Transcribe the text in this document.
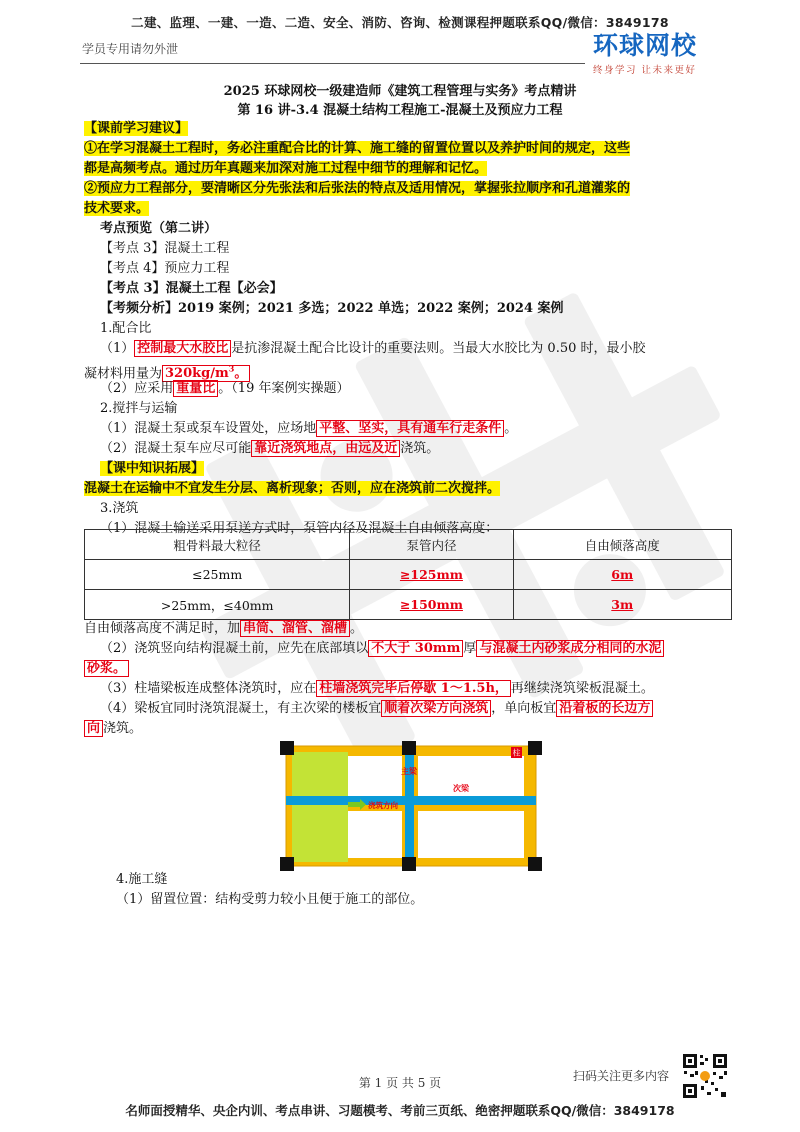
二建、监理、一建、一造、二造、安全、消防、咨询、检测课程押题联系QQ/微信：3849178
学员专用请勿外泄	环球网校
终身学习 让未来更好
2025 环球网校一级建造师《建筑工程管理与实务》考点精讲
第 16 讲-3.4 混凝土结构工程施工-混凝土及预应力工程
【课前学习建议】
①在学习混凝土工程时，务必注重配合比的计算、施工缝的留置位置以及养护时间的规定，这些
都是高频考点。通过历年真题来加深对施工过程中细节的理解和记忆。
②预应力工程部分，要清晰区分先张法和后张法的特点及适用情况，掌握张拉顺序和孔道灌浆的
技术要求。
考点预览（第二讲）
【考点 3】混凝土工程
【考点 4】预应力工程
【考点 3】混凝土工程【必会】
【考频分析】2019 案例；2021 多选；2022 单选；2022 案例；2024 案例
1.配合比
（1） 控制最大水胶比 是抗渗混凝土配合比设计的重要法则。当最大水胶比为 0.50 时，最小胶
凝材料用量为 $320kg/m^3$。
（2）应采用 重量比 。（19 年案例实操题）
2.搅拌与运输
（1）混凝土泵或泵车设置处，应场地 平整、坚实，具有通车行走条件 。
（2）混凝土泵车应尽可能 靠近浇筑地点，由远及近 浇筑。
【课中知识拓展】
混凝土在运输中不宜发生分层、离析现象；否则，应在浇筑前二次搅拌。
3.浇筑
（1）混凝土输送采用泵送方式时，泵管内径及混凝土自由倾落高度：
粗骨料最大粒径	泵管内径	自由倾落高度
≤25mm	≥125mm	6m
>25mm，≤40mm	≥150mm	3m
自由倾落高度不满足时，加 串筒、溜管、溜槽 。
（2）浇筑竖向结构混凝土前，应先在底部填以 不大于 30mm 厚 与混凝土内砂浆成分相同的水泥
砂浆。
（3）柱墙梁板连成整体浇筑时，应在 柱墙浇筑完毕后停歇 1～1.5h， 再继续浇筑梁板混凝土。
（4）梁板宜同时浇筑混凝土，有主次梁的楼板宜 顺着次梁方向浇筑 ，单向板宜 沿着板的长边方
向 浇筑。
柱
主梁
次梁
浇筑方向
4.施工缝
（1）留置位置：结构受剪力较小且便于施工的部位。
扫码关注更多内容
第 1 页 共 5 页
名师面授精华、央企内训、考点串讲、习题模考、考前三页纸、绝密押题联系QQ/微信：3849178
